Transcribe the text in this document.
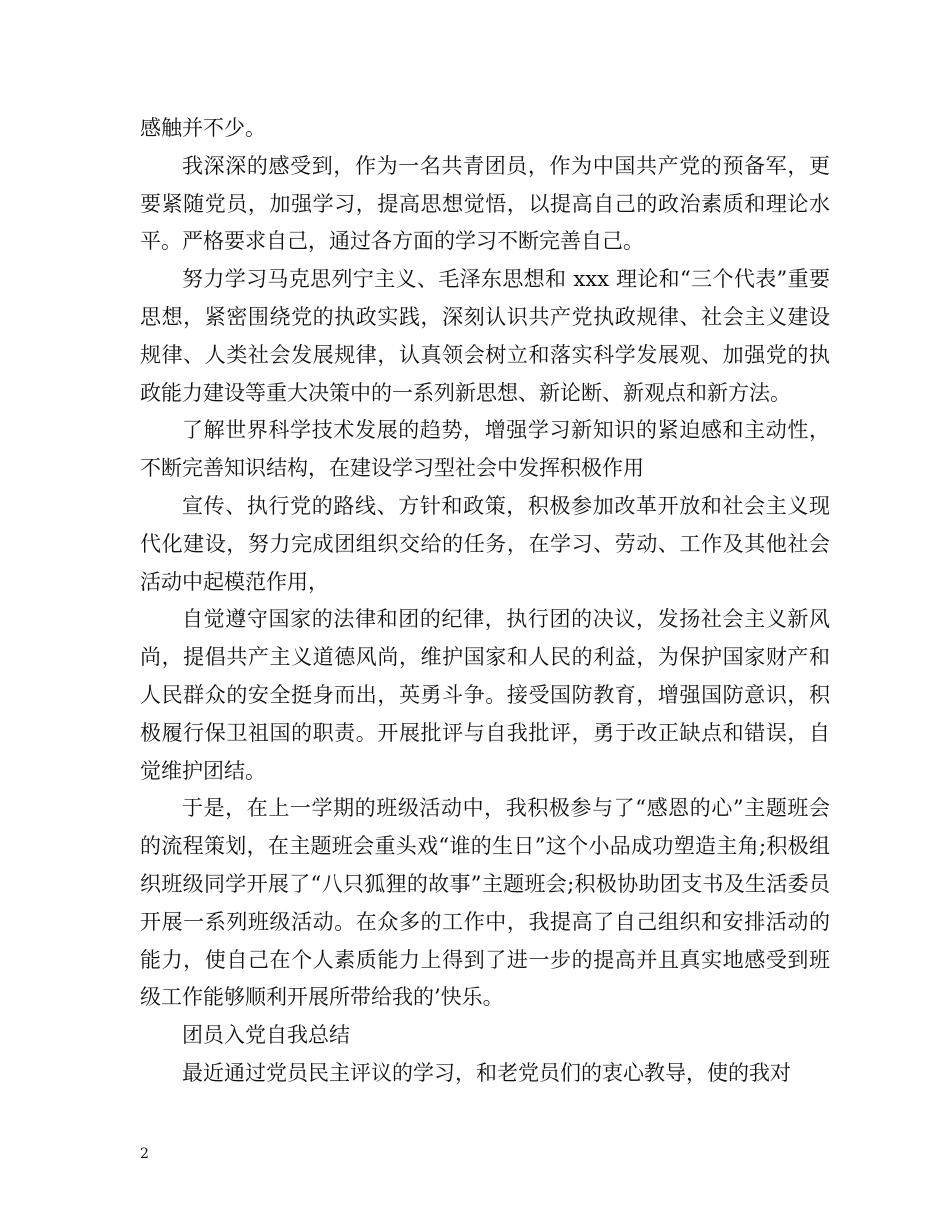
感触并不少。

我深深的感受到，作为一名共青团员，作为中国共产党的预备军，更要紧随党员，加强学习，提高思想觉悟，以提高自己的政治素质和理论水平。严格要求自己，通过各方面的学习不断完善自己。

努力学习马克思列宁主义、毛泽东思想和 xxx 理论和“三个代表”重要思想，紧密围绕党的执政实践，深刻认识共产党执政规律、社会主义建设规律、人类社会发展规律，认真领会树立和落实科学发展观、加强党的执政能力建设等重大决策中的一系列新思想、新论断、新观点和新方法。

了解世界科学技术发展的趋势，增强学习新知识的紧迫感和主动性，不断完善知识结构，在建设学习型社会中发挥积极作用

宣传、执行党的路线、方针和政策，积极参加改革开放和社会主义现代化建设，努力完成团组织交给的任务，在学习、劳动、工作及其他社会活动中起模范作用，

自觉遵守国家的法律和团的纪律，执行团的决议，发扬社会主义新风尚，提倡共产主义道德风尚，维护国家和人民的利益，为保护国家财产和人民群众的安全挺身而出，英勇斗争。接受国防教育，增强国防意识，积极履行保卫祖国的职责。开展批评与自我批评，勇于改正缺点和错误，自觉维护团结。

于是，在上一学期的班级活动中，我积极参与了“感恩的心”主题班会的流程策划，在主题班会重头戏“谁的生日”这个小品成功塑造主角;积极组织班级同学开展了“八只狐狸的故事”主题班会;积极协助团支书及生活委员开展一系列班级活动。在众多的工作中，我提高了自己组织和安排活动的能力，使自己在个人素质能力上得到了进一步的提高并且真实地感受到班级工作能够顺利开展所带给我的’快乐。

团员入党自我总结

最近通过党员民主评议的学习，和老党员们的衷心教导，使的我对

2
